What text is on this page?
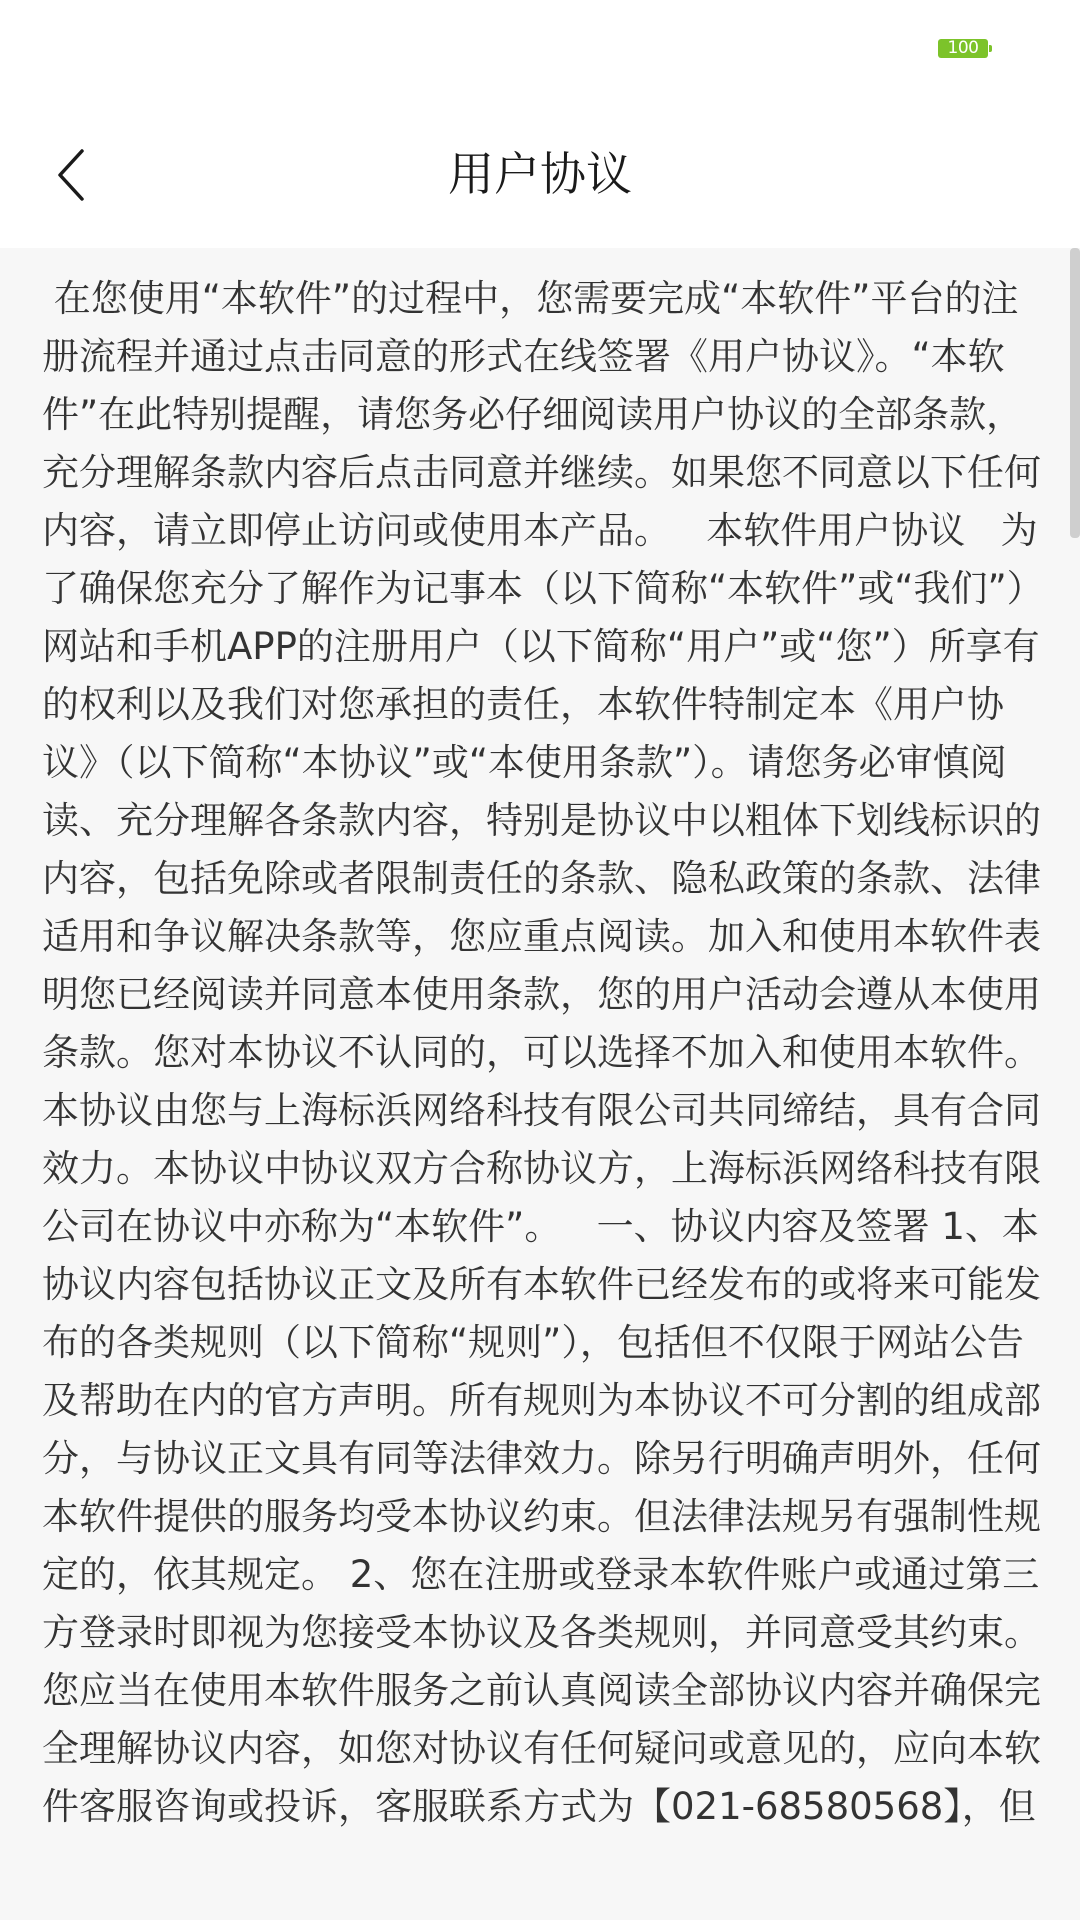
100
用户协议

在您使用“本软件”的过程中，您需要完成“本软件”平台的注册流程并通过点击同意的形式在线签署《用户协议》。“本软件”在此特别提醒，请您务必仔细阅读用户协议的全部条款，充分理解条款内容后点击同意并继续。如果您不同意以下任何内容，请立即停止访问或使用本产品。   本软件用户协议   为了确保您充分了解作为记事本（以下简称“本软件”或“我们”）网站和手机APP的注册用户（以下简称“用户”或“您”）所享有的权利以及我们对您承担的责任，本软件特制定本《用户协议》（以下简称“本协议”或“本使用条款”）。请您务必审慎阅读、充分理解各条款内容，特别是协议中以粗体下划线标识的内容，包括免除或者限制责任的条款、隐私政策的条款、法律适用和争议解决条款等，您应重点阅读。加入和使用本软件表明您已经阅读并同意本使用条款，您的用户活动会遵从本使用条款。您对本协议不认同的，可以选择不加入和使用本软件。 本协议由您与上海标浜网络科技有限公司共同缔结，具有合同效力。本协议中协议双方合称协议方，上海标浜网络科技有限公司在协议中亦称为“本软件”。   一、协议内容及签署 1、本协议内容包括协议正文及所有本软件已经发布的或将来可能发布的各类规则（以下简称“规则”），包括但不仅限于网站公告及帮助在内的官方声明。所有规则为本协议不可分割的组成部分，与协议正文具有同等法律效力。除另行明确声明外，任何本软件提供的服务均受本协议约束。但法律法规另有强制性规定的，依其规定。 2、您在注册或登录本软件账户或通过第三方登录时即视为您接受本协议及各类规则，并同意受其约束。您应当在使用本软件服务之前认真阅读全部协议内容并确保完全理解协议内容，如您对协议有任何疑问或意见的，应向本软件客服咨询或投诉，客服联系方式为【021-68580568】，但
